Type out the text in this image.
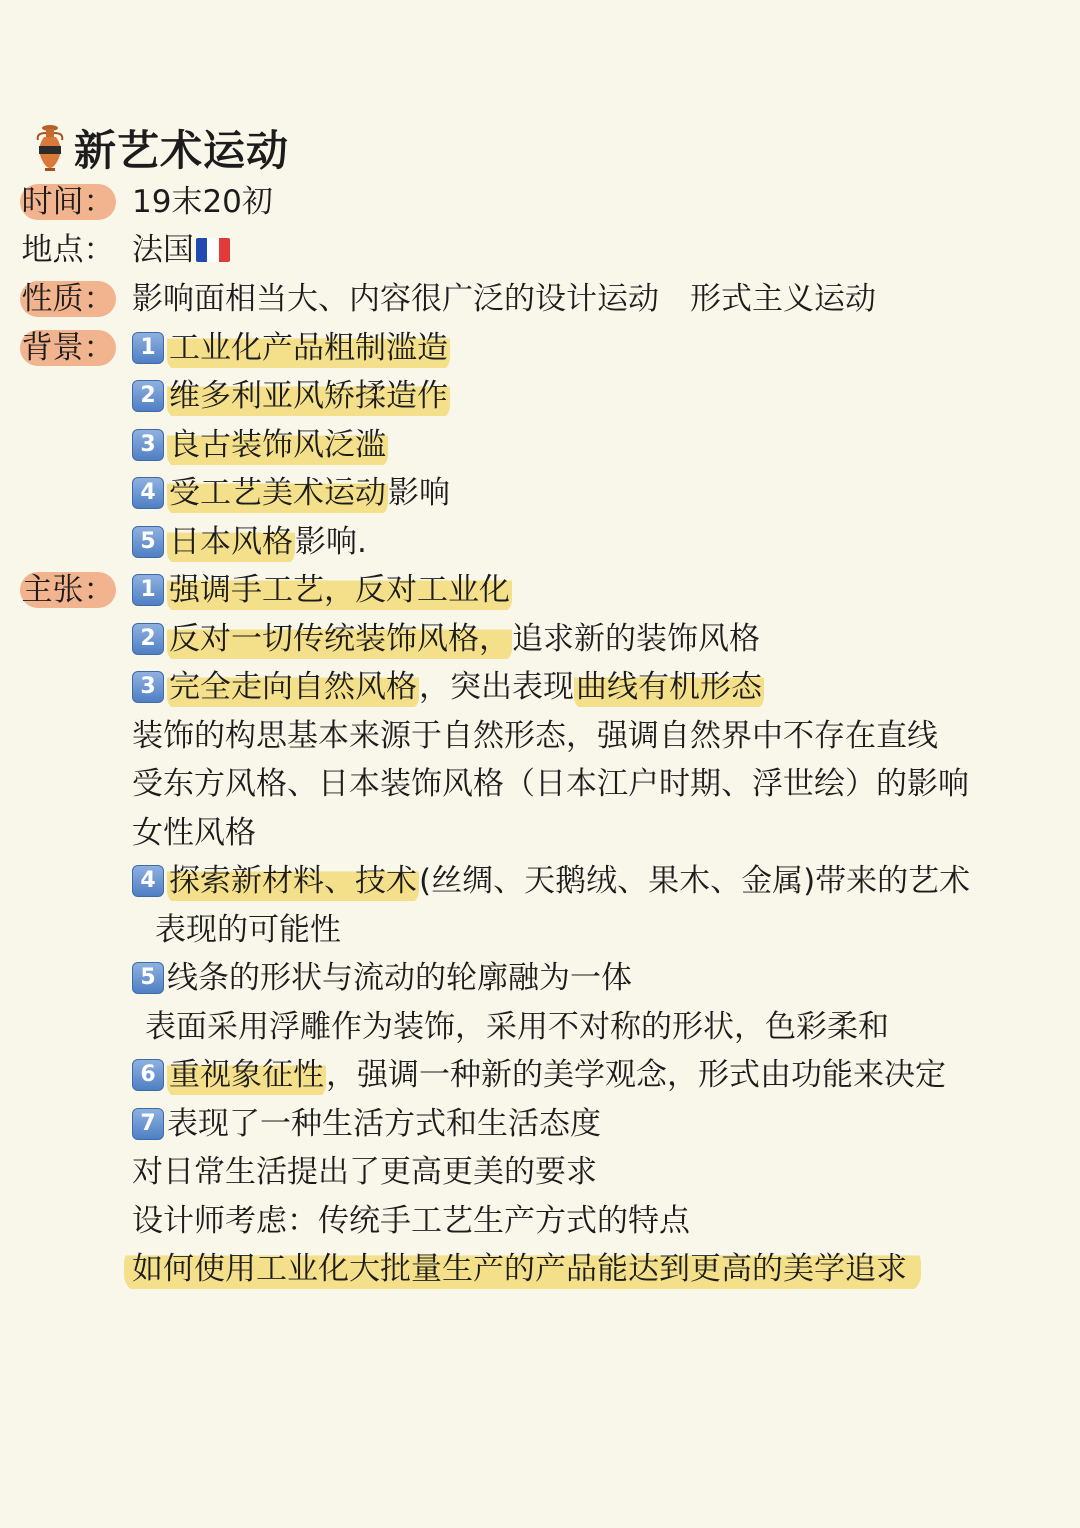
新艺术运动
时间： 19末20初
地点： 法国
性质： 影响面相当大、内容很广泛的设计运动　形式主义运动
背景：	1 工业化产品粗制滥造
2 维多利亚风矫揉造作
3 良古装饰风泛滥
4 受工艺美术运动 影响
5 日本风格 影响.
主张：	1 强调手工艺，反对工业化
2 反对一切传统装饰风格， 追求新的装饰风格
3 完全走向自然风格 ，突出表现 曲线有机形态
装饰的构思基本来源于自然形态，强调自然界中不存在直线
受东方风格、日本装饰风格（日本江户时期、浮世绘）的影响
女性风格
4 探索新材料、技术 (丝绸、天鹅绒、果木、金属)带来的艺术
表现的可能性
5 线条的形状与流动的轮廓融为一体
表面采用浮雕作为装饰，采用不对称的形状，色彩柔和
6 重视象征性 ，强调一种新的美学观念，形式由功能来决定
7 表现了一种生活方式和生活态度
对日常生活提出了更高更美的要求
设计师考虑：传统手工艺生产方式的特点
如何使用工业化大批量生产的产品能达到更高的美学追求
